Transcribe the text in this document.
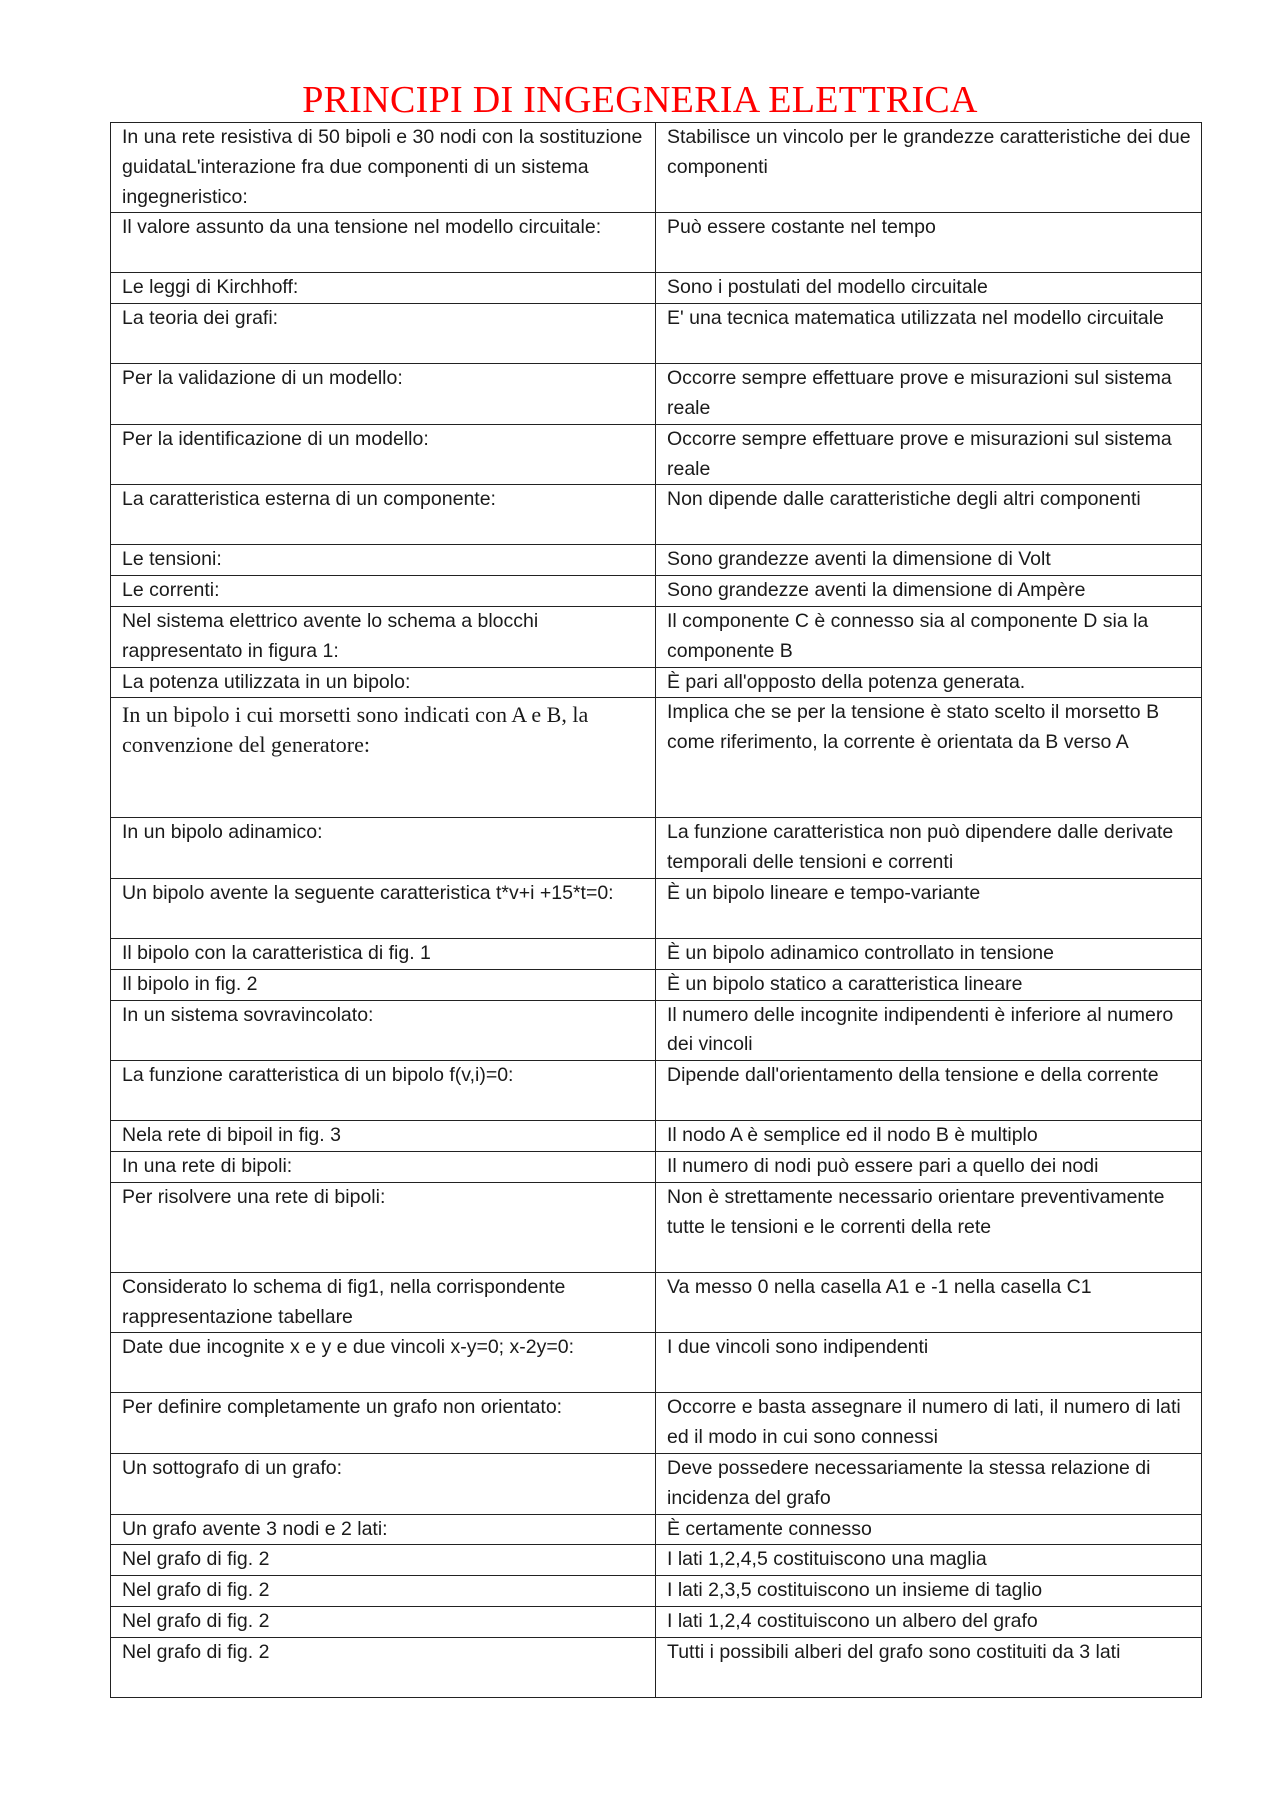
PRINCIPI DI INGEGNERIA ELETTRICA
In una rete resistiva di 50 bipoli e 30 nodi con la sostituzione guidataL'interazione fra due componenti di un sistema ingegneristico:	Stabilisce un vincolo per le grandezze caratteristiche dei due componenti
Il valore assunto da una tensione nel modello circuitale:	Può essere costante nel tempo
Le leggi di Kirchhoff:	Sono i postulati del modello circuitale
La teoria dei grafi:	E' una tecnica matematica utilizzata nel modello circuitale
Per la validazione di un modello:	Occorre sempre effettuare prove e misurazioni sul sistema reale
Per la identificazione di un modello:	Occorre sempre effettuare prove e misurazioni sul sistema reale
La caratteristica esterna di un componente:	Non dipende dalle caratteristiche degli altri componenti
Le tensioni:	Sono grandezze aventi la dimensione di Volt
Le correnti:	Sono grandezze aventi la dimensione di Ampère
Nel sistema elettrico avente lo schema a blocchi rappresentato in figura 1:	Il componente C è connesso sia al componente D sia la componente B
La potenza utilizzata in un bipolo:	È pari all'opposto della potenza generata.
In un bipolo i cui morsetti sono indicati con A e B, la convenzione del generatore:	Implica che se per la tensione è stato scelto il morsetto B come riferimento, la corrente è orientata da B verso A
In un bipolo adinamico:	La funzione caratteristica non può dipendere dalle derivate temporali delle tensioni e correnti
Un bipolo avente la seguente caratteristica t*v+i +15*t=0:	È un bipolo lineare e tempo-variante
Il bipolo con la caratteristica di fig. 1	È un bipolo adinamico controllato in tensione
Il bipolo in fig. 2	È un bipolo statico a caratteristica lineare
In un sistema sovravincolato:	Il numero delle incognite indipendenti è inferiore al numero dei vincoli
La funzione caratteristica di un bipolo f(v,i)=0:	Dipende dall'orientamento della tensione e della corrente
Nela rete di bipoil in fig. 3	Il nodo A è semplice ed il nodo B è multiplo
In una rete di bipoli:	Il numero di nodi può essere pari a quello dei nodi
Per risolvere una rete di bipoli:	Non è strettamente necessario orientare preventivamente tutte le tensioni e le correnti della rete
Considerato lo schema di fig1, nella corrispondente rappresentazione tabellare	Va messo 0 nella casella A1 e -1 nella casella C1
Date due incognite x e y e due vincoli x-y=0; x-2y=0:	I due vincoli sono indipendenti
Per definire completamente un grafo non orientato:	Occorre e basta assegnare il numero di lati, il numero di lati ed il modo in cui sono connessi
Un sottografo di un grafo:	Deve possedere necessariamente la stessa relazione di incidenza del grafo
Un grafo avente 3 nodi e 2 lati:	È certamente connesso
Nel grafo di fig. 2	I lati 1,2,4,5 costituiscono una maglia
Nel grafo di fig. 2	I lati 2,3,5 costituiscono un insieme di taglio
Nel grafo di fig. 2	I lati 1,2,4 costituiscono un albero del grafo
Nel grafo di fig. 2	Tutti i possibili alberi del grafo sono costituiti da 3 lati
